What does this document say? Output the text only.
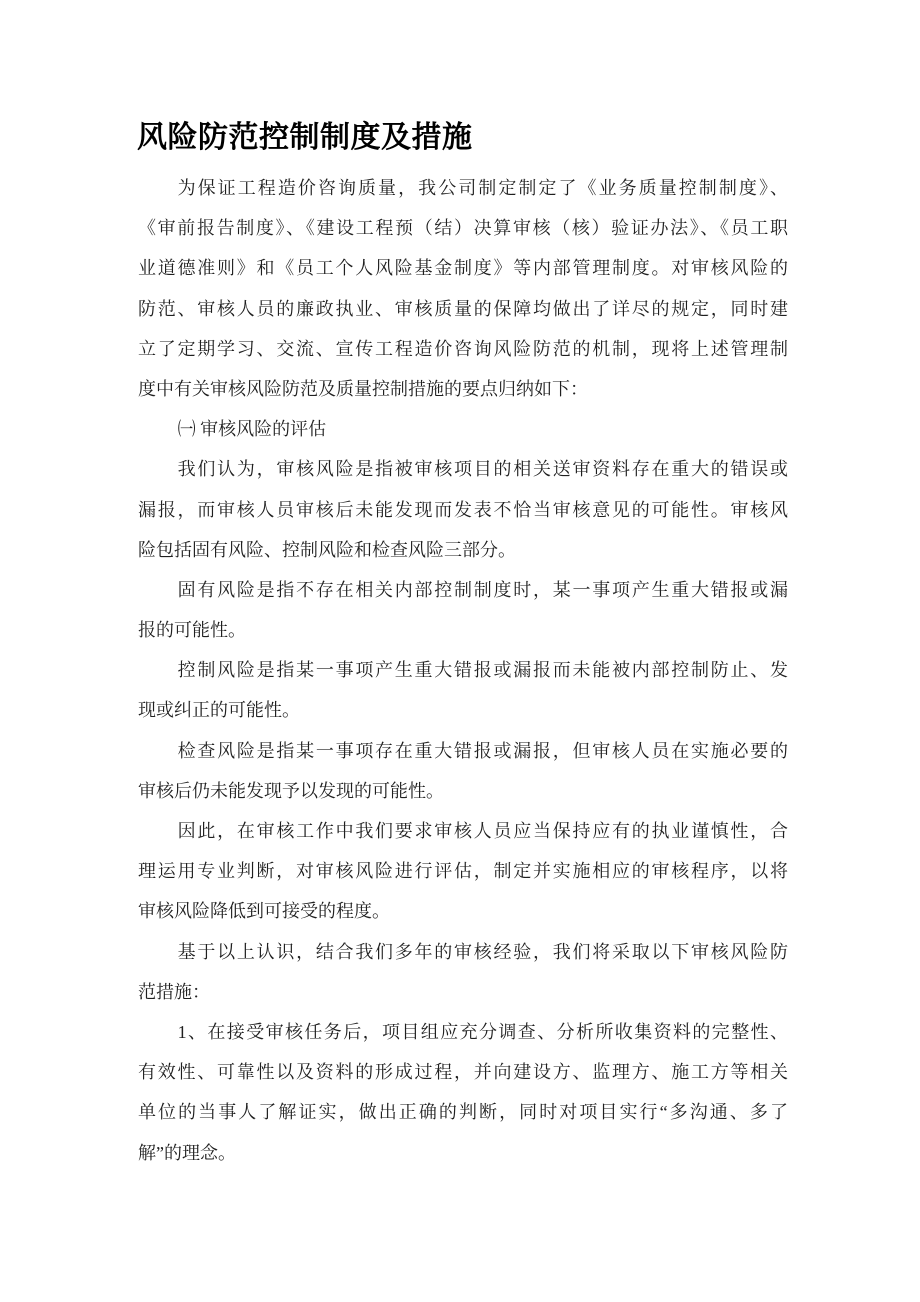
风险防范控制制度及措施
为保证工程造价咨询质量，我公司制定制定了《业务质量控制制度》、
《审前报告制度》、《建设工程预（结）决算审核（核）验证办法》、《员工职
业道德准则》和《员工个人风险基金制度》等内部管理制度。对审核风险的
防范、审核人员的廉政执业、审核质量的保障均做出了详尽的规定，同时建
立了定期学习、交流、宣传工程造价咨询风险防范的机制，现将上述管理制
度中有关审核风险防范及质量控制措施的要点归纳如下：
㈠ 审核风险的评估
我们认为，审核风险是指被审核项目的相关送审资料存在重大的错误或
漏报，而审核人员审核后未能发现而发表不恰当审核意见的可能性。审核风
险包括固有风险、控制风险和检查风险三部分。
固有风险是指不存在相关内部控制制度时，某一事项产生重大错报或漏
报的可能性。
控制风险是指某一事项产生重大错报或漏报而未能被内部控制防止、发
现或纠正的可能性。
检查风险是指某一事项存在重大错报或漏报，但审核人员在实施必要的
审核后仍未能发现予以发现的可能性。
因此，在审核工作中我们要求审核人员应当保持应有的执业谨慎性，合
理运用专业判断，对审核风险进行评估，制定并实施相应的审核程序，以将
审核风险降低到可接受的程度。
基于以上认识，结合我们多年的审核经验，我们将采取以下审核风险防
范措施：
1、在接受审核任务后，项目组应充分调查、分析所收集资料的完整性、
有效性、可靠性以及资料的形成过程，并向建设方、监理方、施工方等相关
单位的当事人了解证实，做出正确的判断，同时对项目实行“多沟通、多了
解”的理念。
